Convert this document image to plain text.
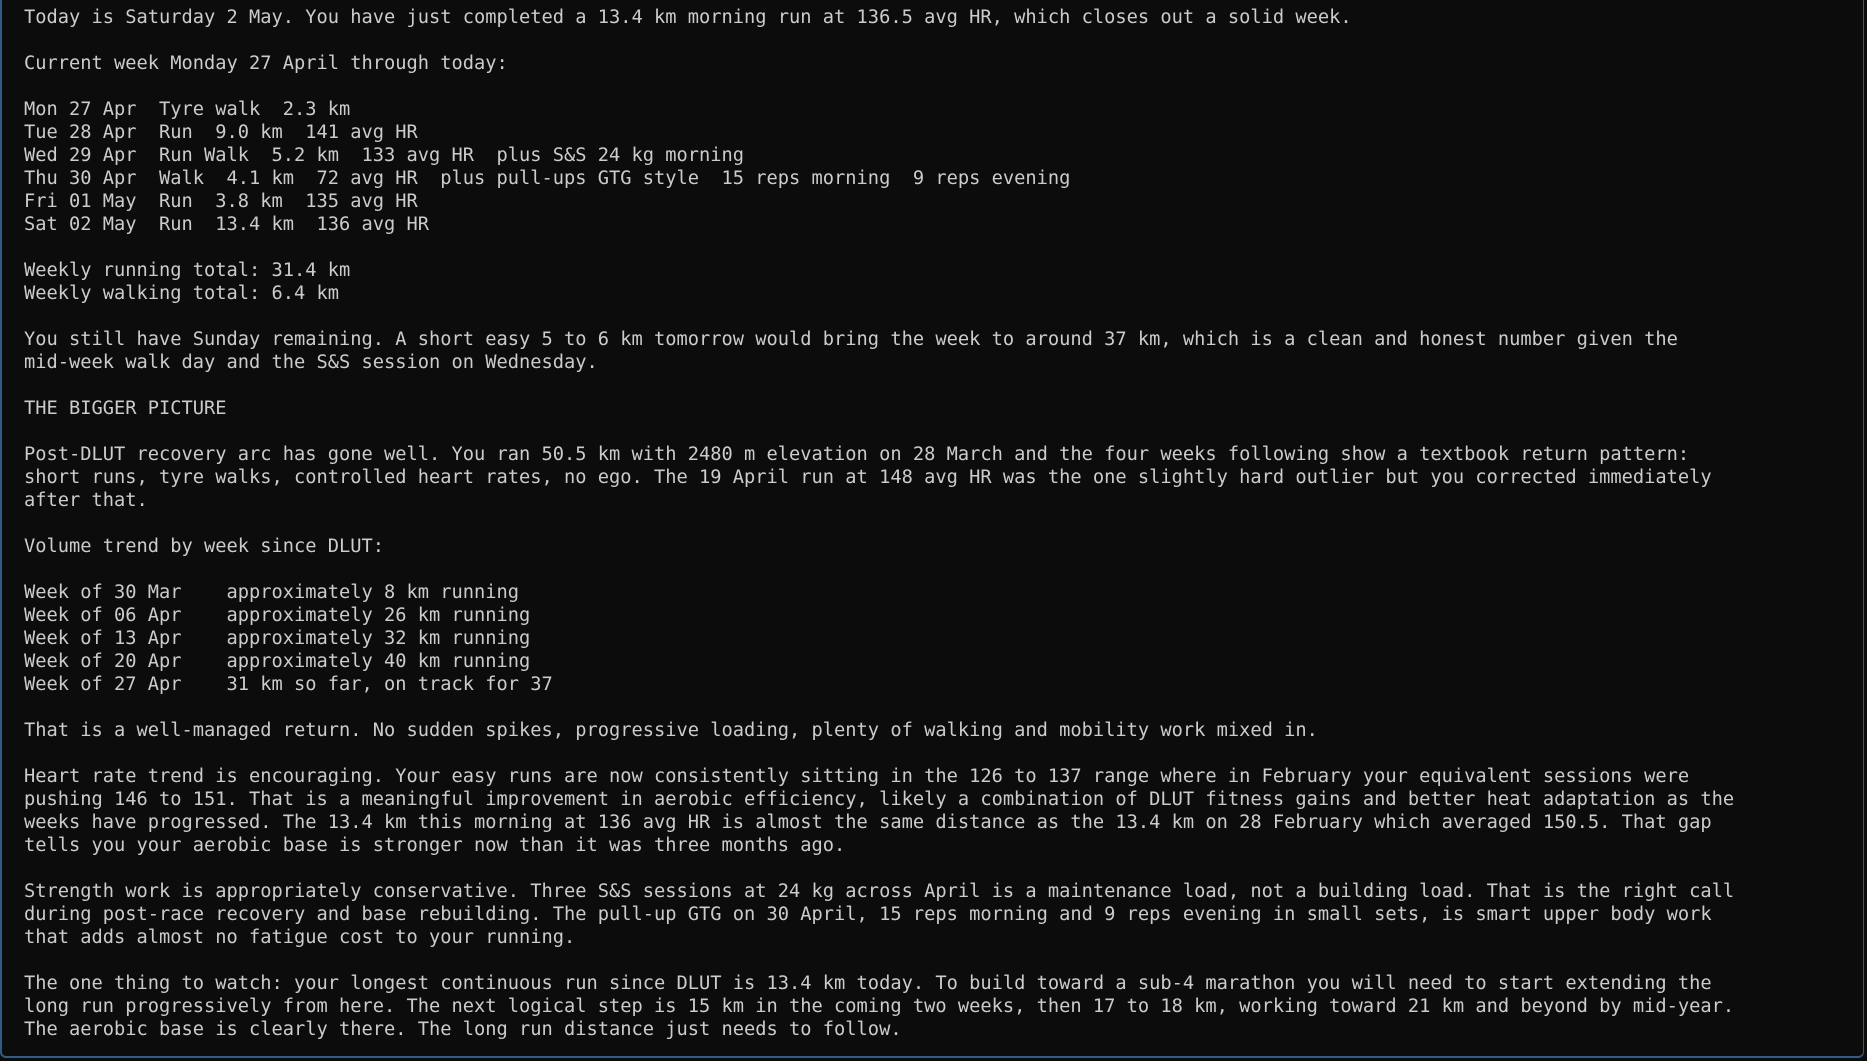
Today is Saturday 2 May. You have just completed a 13.4 km morning run at 136.5 avg HR, which closes out a solid week.
Current week Monday 27 April through today:
Mon 27 Apr  Tyre walk  2.3 km
Tue 28 Apr  Run  9.0 km  141 avg HR
Wed 29 Apr  Run Walk  5.2 km  133 avg HR  plus S&S 24 kg morning
Thu 30 Apr  Walk  4.1 km  72 avg HR  plus pull-ups GTG style  15 reps morning  9 reps evening
Fri 01 May  Run  3.8 km  135 avg HR
Sat 02 May  Run  13.4 km  136 avg HR
Weekly running total: 31.4 km
Weekly walking total: 6.4 km
You still have Sunday remaining. A short easy 5 to 6 km tomorrow would bring the week to around 37 km, which is a clean and honest number given the
mid-week walk day and the S&S session on Wednesday.
THE BIGGER PICTURE
Post-DLUT recovery arc has gone well. You ran 50.5 km with 2480 m elevation on 28 March and the four weeks following show a textbook return pattern:
short runs, tyre walks, controlled heart rates, no ego. The 19 April run at 148 avg HR was the one slightly hard outlier but you corrected immediately
after that.
Volume trend by week since DLUT:
Week of 30 Mar    approximately 8 km running
Week of 06 Apr    approximately 26 km running
Week of 13 Apr    approximately 32 km running
Week of 20 Apr    approximately 40 km running
Week of 27 Apr    31 km so far, on track for 37
That is a well-managed return. No sudden spikes, progressive loading, plenty of walking and mobility work mixed in.
Heart rate trend is encouraging. Your easy runs are now consistently sitting in the 126 to 137 range where in February your equivalent sessions were
pushing 146 to 151. That is a meaningful improvement in aerobic efficiency, likely a combination of DLUT fitness gains and better heat adaptation as the
weeks have progressed. The 13.4 km this morning at 136 avg HR is almost the same distance as the 13.4 km on 28 February which averaged 150.5. That gap
tells you your aerobic base is stronger now than it was three months ago.
Strength work is appropriately conservative. Three S&S sessions at 24 kg across April is a maintenance load, not a building load. That is the right call
during post-race recovery and base rebuilding. The pull-up GTG on 30 April, 15 reps morning and 9 reps evening in small sets, is smart upper body work
that adds almost no fatigue cost to your running.
The one thing to watch: your longest continuous run since DLUT is 13.4 km today. To build toward a sub-4 marathon you will need to start extending the
long run progressively from here. The next logical step is 15 km in the coming two weeks, then 17 to 18 km, working toward 21 km and beyond by mid-year.
The aerobic base is clearly there. The long run distance just needs to follow.
